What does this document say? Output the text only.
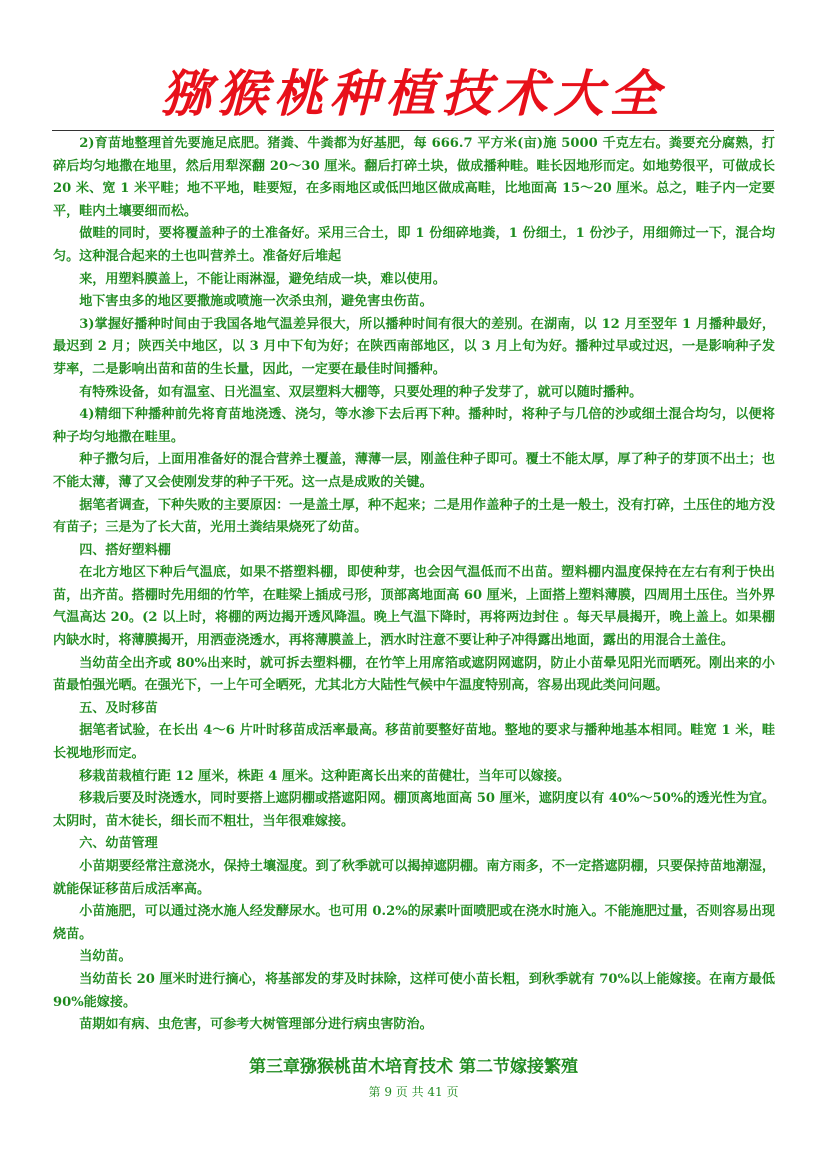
猕猴桃种植技术大全

2)育苗地整理首先要施足底肥。猪粪、牛粪都为好基肥，每 666.7 平方米(亩)施 5000 千克左右。粪要充分腐熟，打碎后均匀地撒在地里，然后用犁深翻 20～30 厘米。翻后打碎土块，做成播种畦。畦长因地形而定。如地势很平，可做成长 20 米、宽 1 米平畦；地不平地，畦要短，在多雨地区或低凹地区做成高畦，比地面高 15～20 厘米。总之，畦子内一定要平，畦内土壤要细而松。

做畦的同时，要将覆盖种子的土准备好。采用三合土，即 1 份细碎地粪，1 份细土，1 份沙子，用细筛过一下，混合均匀。这种混合起来的土也叫营养土。准备好后堆起

来，用塑料膜盖上，不能让雨淋湿，避免结成一块，难以使用。

地下害虫多的地区要撒施或喷施一次杀虫剂，避免害虫伤苗。

3)掌握好播种时间由于我国各地气温差异很大，所以播种时间有很大的差别。在湖南，以 12 月至翌年 1 月播种最好，最迟到 2 月；陕西关中地区，以 3 月中下旬为好；在陕西南部地区，以 3 月上旬为好。播种过早或过迟，一是影响种子发芽率，二是影响出苗和苗的生长量，因此，一定要在最佳时间播种。

有特殊设备，如有温室、日光温室、双层塑料大棚等，只要处理的种子发芽了，就可以随时播种。

4)精细下种播种前先将育苗地浇透、浇匀，等水渗下去后再下种。播种时，将种子与几倍的沙或细土混合均匀，以便将种子均匀地撒在畦里。

种子撒匀后，上面用准备好的混合营养土覆盖，薄薄一层，刚盖住种子即可。覆土不能太厚，厚了种子的芽顶不出土；也不能太薄，薄了又会使刚发芽的种子干死。这一点是成败的关键。

据笔者调查，下种失败的主要原因：一是盖土厚，种不起来；二是用作盖种子的土是一般土，没有打碎，土压住的地方没有苗子；三是为了长大苗，光用土粪结果烧死了幼苗。

四、搭好塑料棚

在北方地区下种后气温底，如果不搭塑料棚，即使种芽，也会因气温低而不出苗。塑料棚内温度保持在左右有利于快出苗，出齐苗。搭棚时先用细的竹竿，在畦梁上插成弓形，顶部离地面高 60 厘米，上面搭上塑料薄膜，四周用土压住。当外界气温高达 20。(2 以上时，将棚的两边揭开透风降温。晚上气温下降时，再将两边封住 。每天早晨揭开，晚上盖上。如果棚内缺水时，将薄膜揭开，用洒壶浇透水，再将薄膜盖上，洒水时注意不要让种子冲得露出地面，露出的用混合土盖住。

当幼苗全出齐或 80%出来时，就可拆去塑料棚，在竹竿上用席箔或遮阴网遮阴，防止小苗晕见阳光而晒死。刚出来的小苗最怕强光晒。在强光下，一上午可全晒死，尤其北方大陆性气候中午温度特别高，容易出现此类问问题。

五、及时移苗

据笔者试验，在长出 4～6 片叶时移苗成活率最高。移苗前要整好苗地。整地的要求与播种地基本相同。畦宽 1 米，畦长视地形而定。

移栽苗栽植行距 12 厘米，株距 4 厘米。这种距离长出来的苗健壮，当年可以嫁接。

移栽后要及时浇透水，同时要搭上遮阴棚或搭遮阳网。棚顶离地面高 50 厘米，遮阴度以有 40%～50%的透光性为宜。太阴时，苗木徒长，细长而不粗壮，当年很难嫁接。

六、幼苗管理

小苗期要经常注意浇水，保持土壤湿度。到了秋季就可以揭掉遮阴棚。南方雨多，不一定搭遮阴棚，只要保持苗地潮湿，就能保证移苗后成活率高。

小苗施肥，可以通过浇水施人经发酵尿水。也可用 0.2%的尿素叶面喷肥或在浇水时施入。不能施肥过量，否则容易出现烧苗。

当幼苗。

当幼苗长 20 厘米时进行摘心，将基部发的芽及时抹除，这样可使小苗长粗，到秋季就有 70%以上能嫁接。在南方最低 90%能嫁接。

苗期如有病、虫危害，可参考大树管理部分进行病虫害防治。

第三章猕猴桃苗木培育技术 第二节嫁接繁殖
第 9 页 共 41 页
